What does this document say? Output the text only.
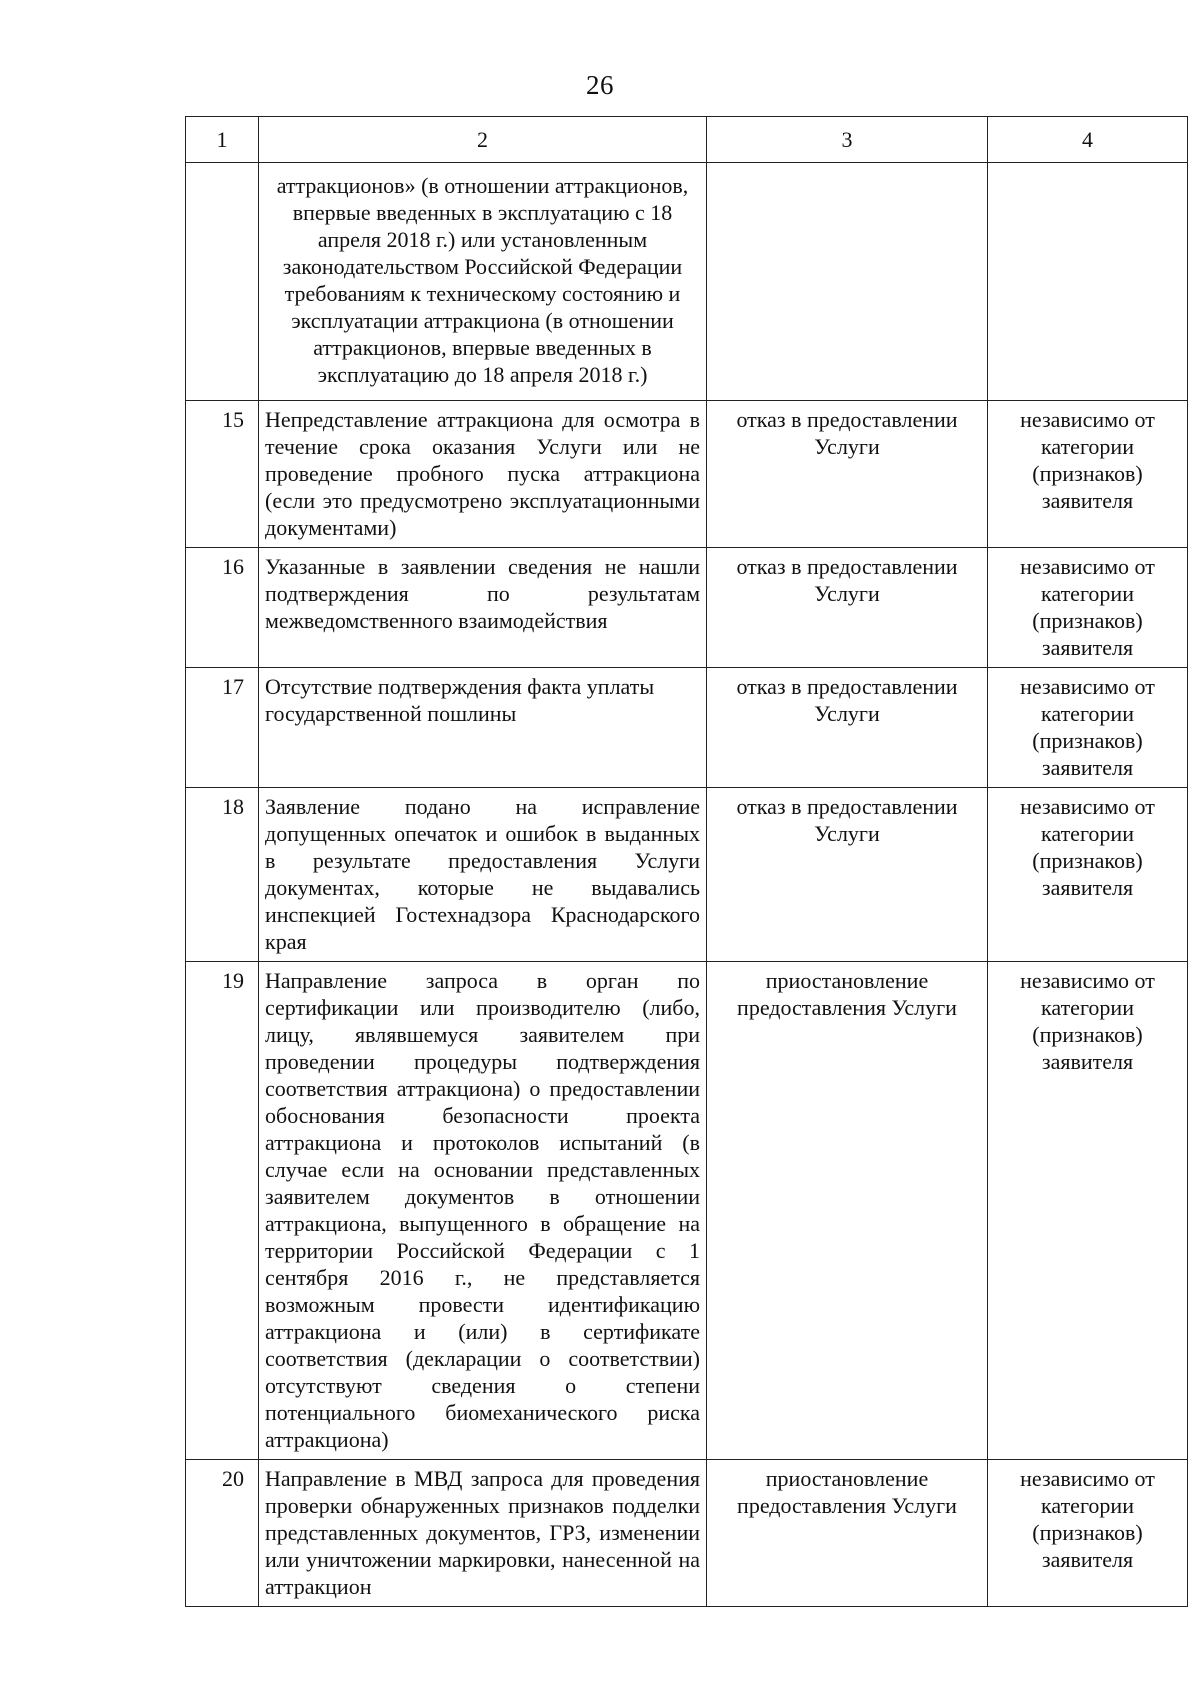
26
1	2	3	4
	аттракционов» (в отношении аттракционов, впервые введенных в эксплуатацию с 18 апреля 2018 г.) или установленным законодательством Российской Федерации требованиям к техническому состоянию и эксплуатации аттракциона (в отношении аттракционов, впервые введенных в эксплуатацию до 18 апреля 2018 г.)		
15	Непредставление аттракциона для осмотра в течение срока оказания Услуги или не проведение пробного пуска аттракциона (если это предусмотрено эксплуатационными документами)	отказ в предоставлении Услуги	независимо от категории (признаков) заявителя
16	Указанные в заявлении сведения не нашли подтверждения по результатам межведомственного взаимодействия	отказ в предоставлении Услуги	независимо от категории (признаков) заявителя
17	Отсутствие подтверждения факта уплаты государственной пошлины	отказ в предоставлении Услуги	независимо от категории (признаков) заявителя
18	Заявление подано на исправление допущенных опечаток и ошибок в выданных в результате предоставления Услуги документах, которые не выдавались инспекцией Гостехнадзора Краснодарского края	отказ в предоставлении Услуги	независимо от категории (признаков) заявителя
19	Направление запроса в орган по сертификации или производителю (либо, лицу, являвшемуся заявителем при проведении процедуры подтверждения соответствия аттракциона) о предоставлении обоснования безопасности проекта аттракциона и протоколов испытаний (в случае если на основании представленных заявителем документов в отношении аттракциона, выпущенного в обращение на территории Российской Федерации с 1 сентября 2016 г., не представляется возможным провести идентификацию аттракциона и (или) в сертификате соответствия (декларации о соответствии) отсутствуют сведения о степени потенциального биомеханического риска аттракциона)	приостановление предоставления Услуги	независимо от категории (признаков) заявителя
20	Направление в МВД запроса для проведения проверки обнаруженных признаков подделки представленных документов, ГРЗ, изменении или уничтожении маркировки, нанесенной на аттракцион	приостановление предоставления Услуги	независимо от категории (признаков) заявителя
